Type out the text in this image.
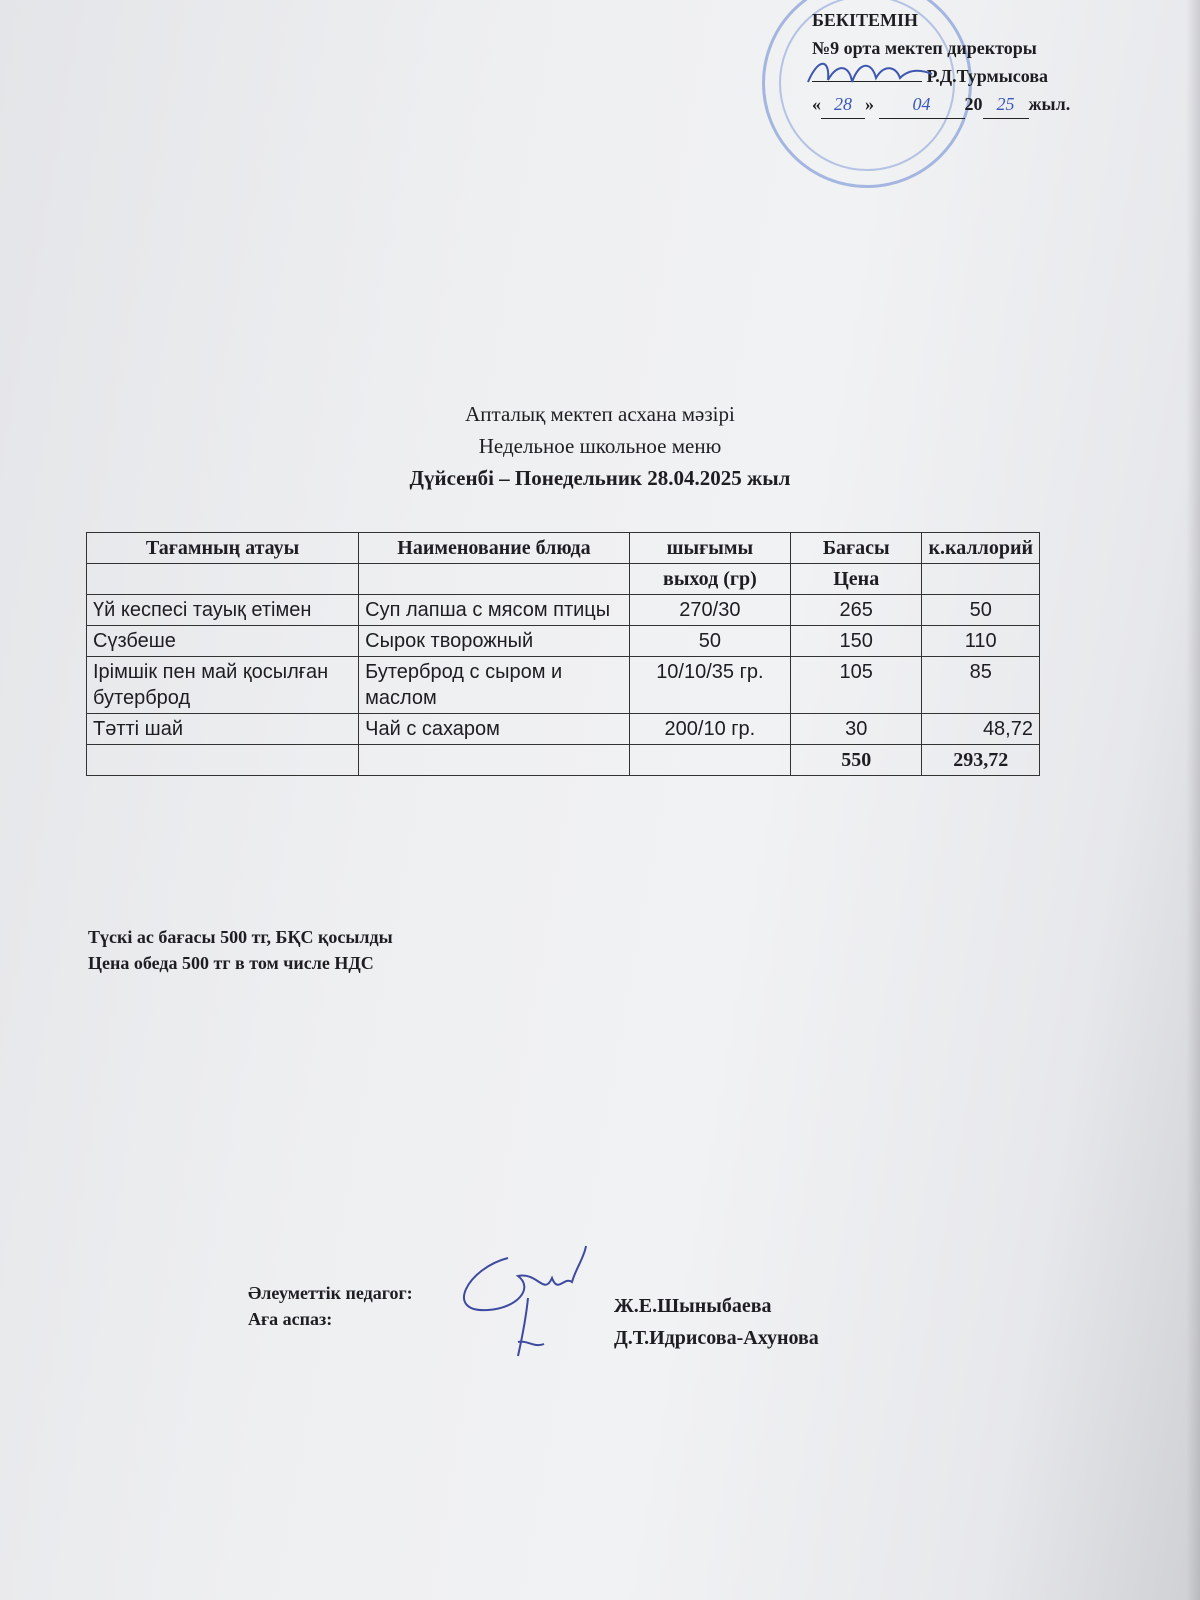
БЕКІТЕМІН
№9 орта мектеп директоры
Р.Д.Турмысова
« 28 » 04 20 25 жыл.
Апталық мектеп асхана мәзірі
Недельное школьное меню
Дүйсенбі – Понедельник 28.04.2025 жыл
Тағамның атауы	Наименование блюда	шығымы	Бағасы	к.каллорий
		выход (гр)	Цена	
Үй кеспесі тауық етімен	Суп лапша с мясом птицы	270/30	265	50
Сүзбеше	Сырок творожный	50	150	110
Ірімшік пен май қосылған бутерброд	Бутерброд с сыром и маслом	10/10/35 гр.	105	85
Тәтті шай	Чай с сахаром	200/10 гр.	30	48,72
			550	293,72
Түскі ас бағасы 500 тг, БҚС қосылды
Цена обеда 500 тг в том числе НДС
Әлеуметтік педагог:
Аға аспаз:
Ж.Е.Шыныбаева
Д.Т.Идрисова-Ахунова
